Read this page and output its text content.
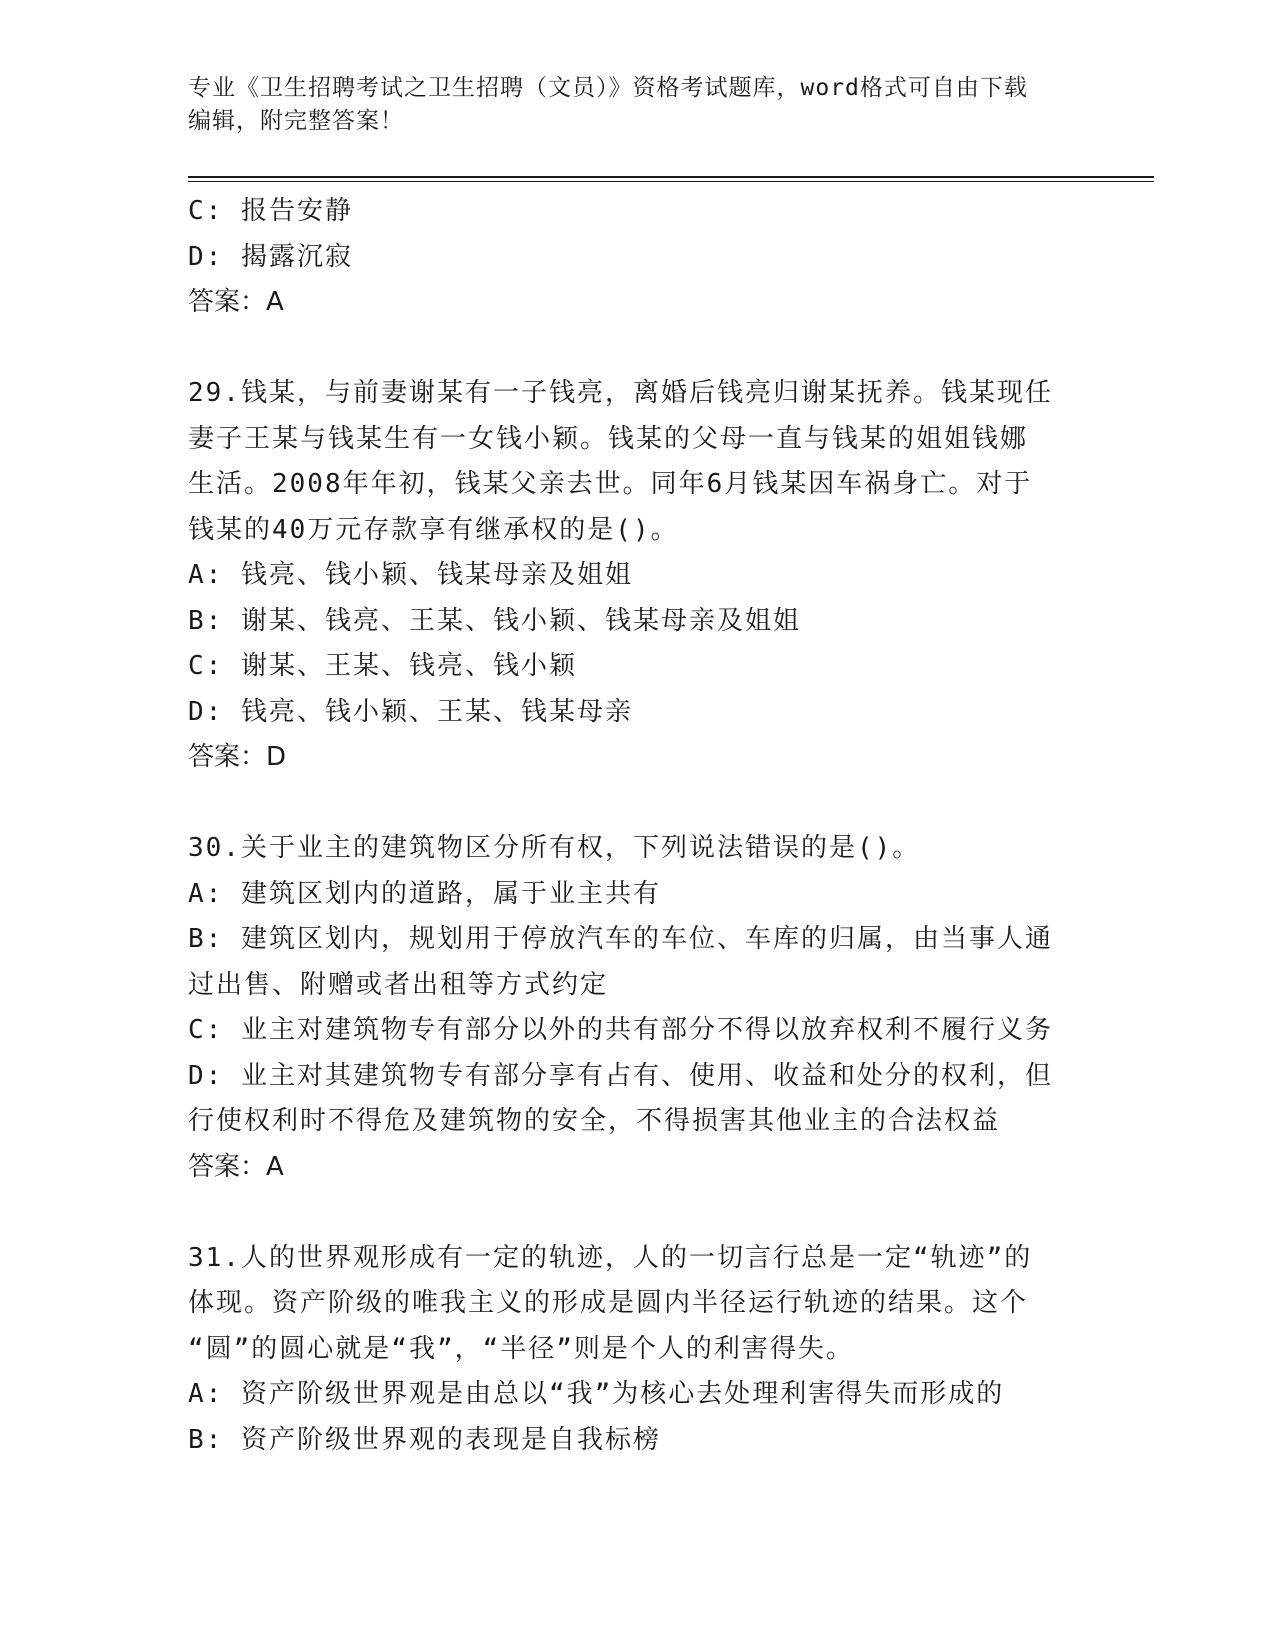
专业《卫生招聘考试之卫生招聘（文员）》资格考试题库，word格式可自由下载
编辑，附完整答案！
C: 报告安静
D: 揭露沉寂
答案：A
29.钱某，与前妻谢某有一子钱亮，离婚后钱亮归谢某抚养。钱某现任
妻子王某与钱某生有一女钱小颖。钱某的父母一直与钱某的姐姐钱娜
生活。2008年年初，钱某父亲去世。同年6月钱某因车祸身亡。对于
钱某的40万元存款享有继承权的是()。
A: 钱亮、钱小颖、钱某母亲及姐姐
B: 谢某、钱亮、王某、钱小颖、钱某母亲及姐姐
C: 谢某、王某、钱亮、钱小颖
D: 钱亮、钱小颖、王某、钱某母亲
答案：D
30.关于业主的建筑物区分所有权，下列说法错误的是()。
A: 建筑区划内的道路，属于业主共有
B: 建筑区划内，规划用于停放汽车的车位、车库的归属，由当事人通
过出售、附赠或者出租等方式约定
C: 业主对建筑物专有部分以外的共有部分不得以放弃权利不履行义务
D: 业主对其建筑物专有部分享有占有、使用、收益和处分的权利，但
行使权利时不得危及建筑物的安全，不得损害其他业主的合法权益
答案：A
31.人的世界观形成有一定的轨迹，人的一切言行总是一定“轨迹”的
体现。资产阶级的唯我主义的形成是圆内半径运行轨迹的结果。这个
“圆”的圆心就是“我”，“半径”则是个人的利害得失。
A: 资产阶级世界观是由总以“我”为核心去处理利害得失而形成的
B: 资产阶级世界观的表现是自我标榜
